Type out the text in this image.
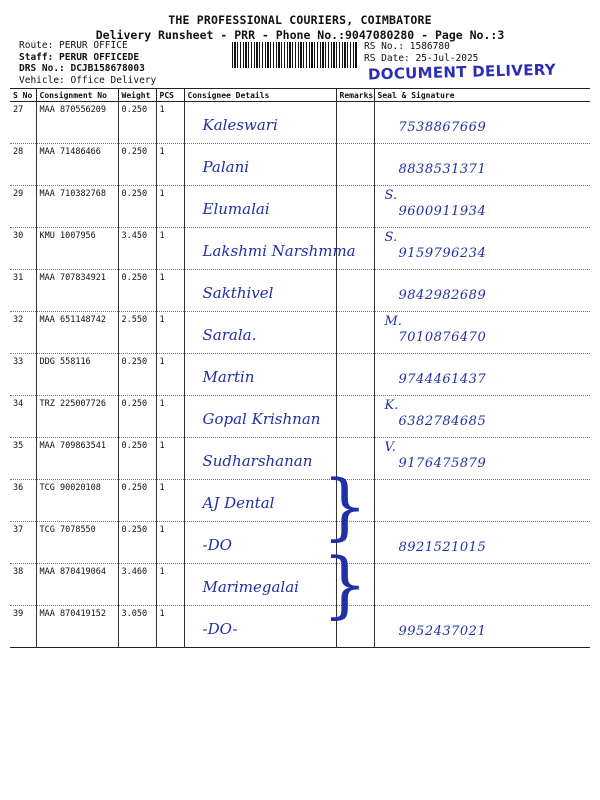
THE PROFESSIONAL COURIERS, COIMBATORE
Delivery Runsheet - PRR - Phone No.:9047080280 - Page No.:3
Route: PERUR OFFICE
Staff: PERUR OFFICEDE
DRS No.: DCJB158678003
Vehicle: Office Delivery
RS No.: 1586780
RS Date: 25-Jul-2025
DOCUMENT DELIVERY
S No	Consignment No	Weight	PCS	Consignee Details	Remarks	Seal & Signature
27	MAA 870556209	0.250	1	Kaleswari		7538867669

28	MAA 71486466	0.250	1	Palani		8838531371

29	MAA 710382768	0.250	1	Elumalai		S.
9600911934

30	KMU 1007956	3.450	1	Lakshmi Narshmma		S.
9159796234

31	MAA 707834921	0.250	1	Sakthivel		9842982689

32	MAA 651148742	2.550	1	Sarala.		M.
7010876470

33	DDG 558116	0.250	1	Martin		9744461437

34	TRZ 225007726	0.250	1	Gopal Krishnan		K.
6382784685

35	MAA 709863541	0.250	1	Sudharshanan		V.
9176475879

36	TCG 90020108	0.250	1	AJ Dental		

37	TCG 7078550	0.250	1	-DO		8921521015

38	MAA 870419064	3.460	1	Marimegalai		

39	MAA 870419152	3.050	1	-DO-		9952437021
}
}
